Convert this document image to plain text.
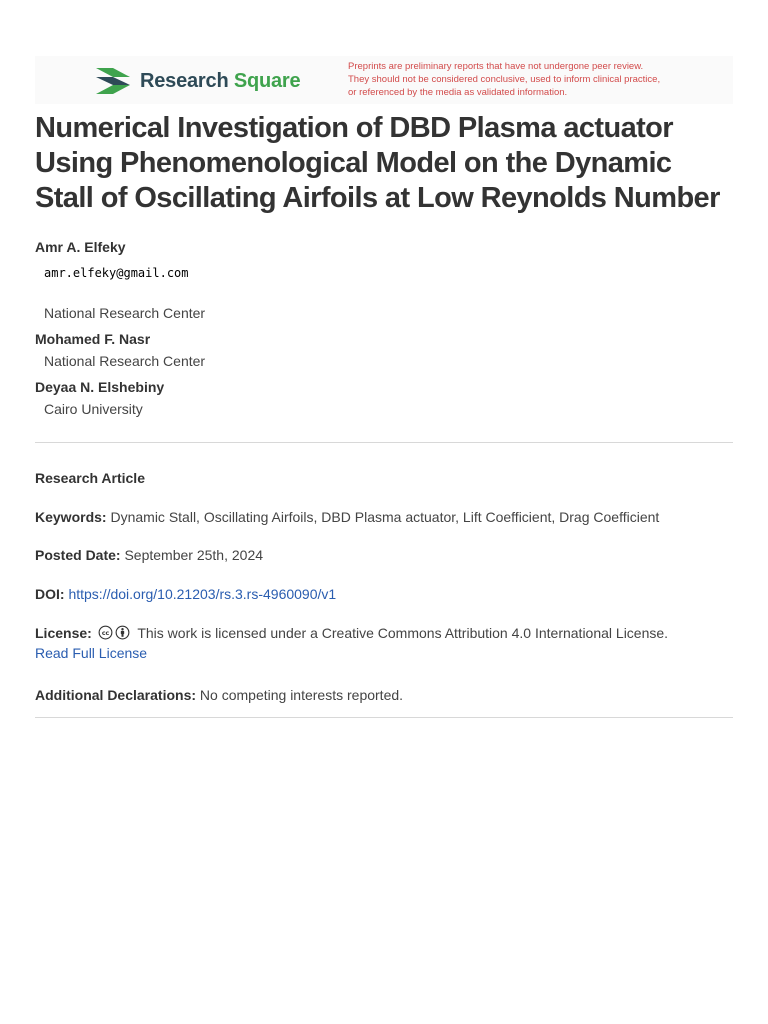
Research Square
Preprints are preliminary reports that have not undergone peer review.
They should not be considered conclusive, used to inform clinical practice,
or referenced by the media as validated information.
Numerical Investigation of DBD Plasma actuator Using Phenomenological Model on the Dynamic Stall of Oscillating Airfoils at Low Reynolds Number
Amr A. Elfeky
amr.elfeky@gmail.com
National Research Center
Mohamed F. Nasr
National Research Center
Deyaa N. Elshebiny
Cairo University
Research Article
Keywords: Dynamic Stall, Oscillating Airfoils, DBD Plasma actuator, Lift Coefficient, Drag Coefficient
Posted Date: September 25th, 2024
DOI: https://doi.org/10.21203/rs.3.rs-4960090/v1
License: cc This work is licensed under a Creative Commons Attribution 4.0 International License.
Read Full License
Additional Declarations: No competing interests reported.
